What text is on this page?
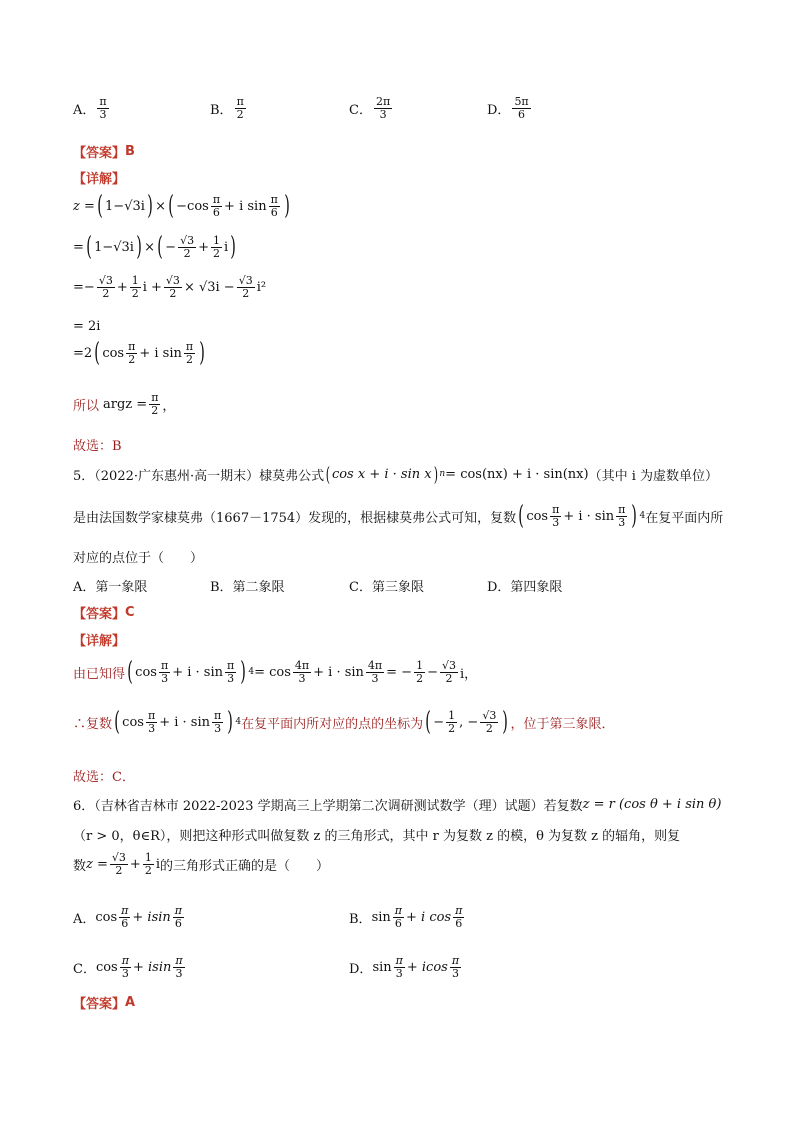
A． $\frac{\pi}{3}$	B． $\frac{\pi}{2}$	C． $\frac{2\pi}{3}$	D． $\frac{5\pi}{6}$
【答案】 B
【详解】
z = ( 1−√3i ) × ( $-\cos \frac{\pi}{6} + i$ $\sin \frac{\pi}{6}$ )
= ( 1−√3i ) × ( − $\frac{√3}{2} + \frac{1}{2}$ i )
= − $\frac{√3}{2} + \frac{1}{2}$ $i + \frac{√3}{2} \times √3i - \frac{√3}{2} i^2$
= 2i
=2 ( $\cos \frac{\pi}{2} + i$ $\sin \frac{\pi}{2}$ )
所以 argz = $\frac{\pi}{2}$ ，
故选：B
5．（2022·广东惠州·高一期末）棣莫弗公式 ( cos x + i · sin x ) n = cos(nx) + i · sin(nx) （其中 i 为虚数单位）
是由法国数学家棣莫弗（1667－1754）发现的，根据棣莫弗公式可知，复数 ( $\cos \frac{\pi}{3} + i \cdot \sin \frac{\pi}{3}$ ) 4 在复平面内所
对应的点位于（　　）
A．第一象限	B．第二象限	C．第三象限	D．第四象限
【答案】 C
【详解】
由已知得 ( $\cos \frac{\pi}{3} + i \cdot \sin \frac{\pi}{3}$ ) $4 = \cos \frac{4\pi}{3} + i \cdot \sin \frac{4\pi}{3}$ = − $\frac{1}{2} - \frac{√3}{2}$ i，
∴复数 ( $\cos \frac{\pi}{3} + i \cdot \sin \frac{\pi}{3}$ ) 4 在复平面内所对应的点的坐标为 ( − $\frac{1}{2}$ , − $\frac{√3}{2}$ ) ，位于第三象限．
故选：C．
6．（吉林省吉林市 2022-2023 学期高三上学期第二次调研测试数学（理）试题）若复数 z = r (cos θ + i sin θ)
（r > 0，θ∈R），则把这种形式叫做复数 z 的三角形式，其中 r 为复数 z 的模，θ 为复数 z 的辐角，则复
数 $z = \frac{√3}{2} + \frac{1}{2}$ i 的三角形式正确的是（　　）
A． $\cos \frac{\pi}{6} + isin \frac{\pi}{6}$	B． $\sin \frac{\pi}{6} + i$ $\cos \frac{\pi}{6}$
C． $\cos \frac{\pi}{3} + isin \frac{\pi}{3}$	D． $\sin \frac{\pi}{3} + icos \frac{\pi}{3}$
【答案】 A
